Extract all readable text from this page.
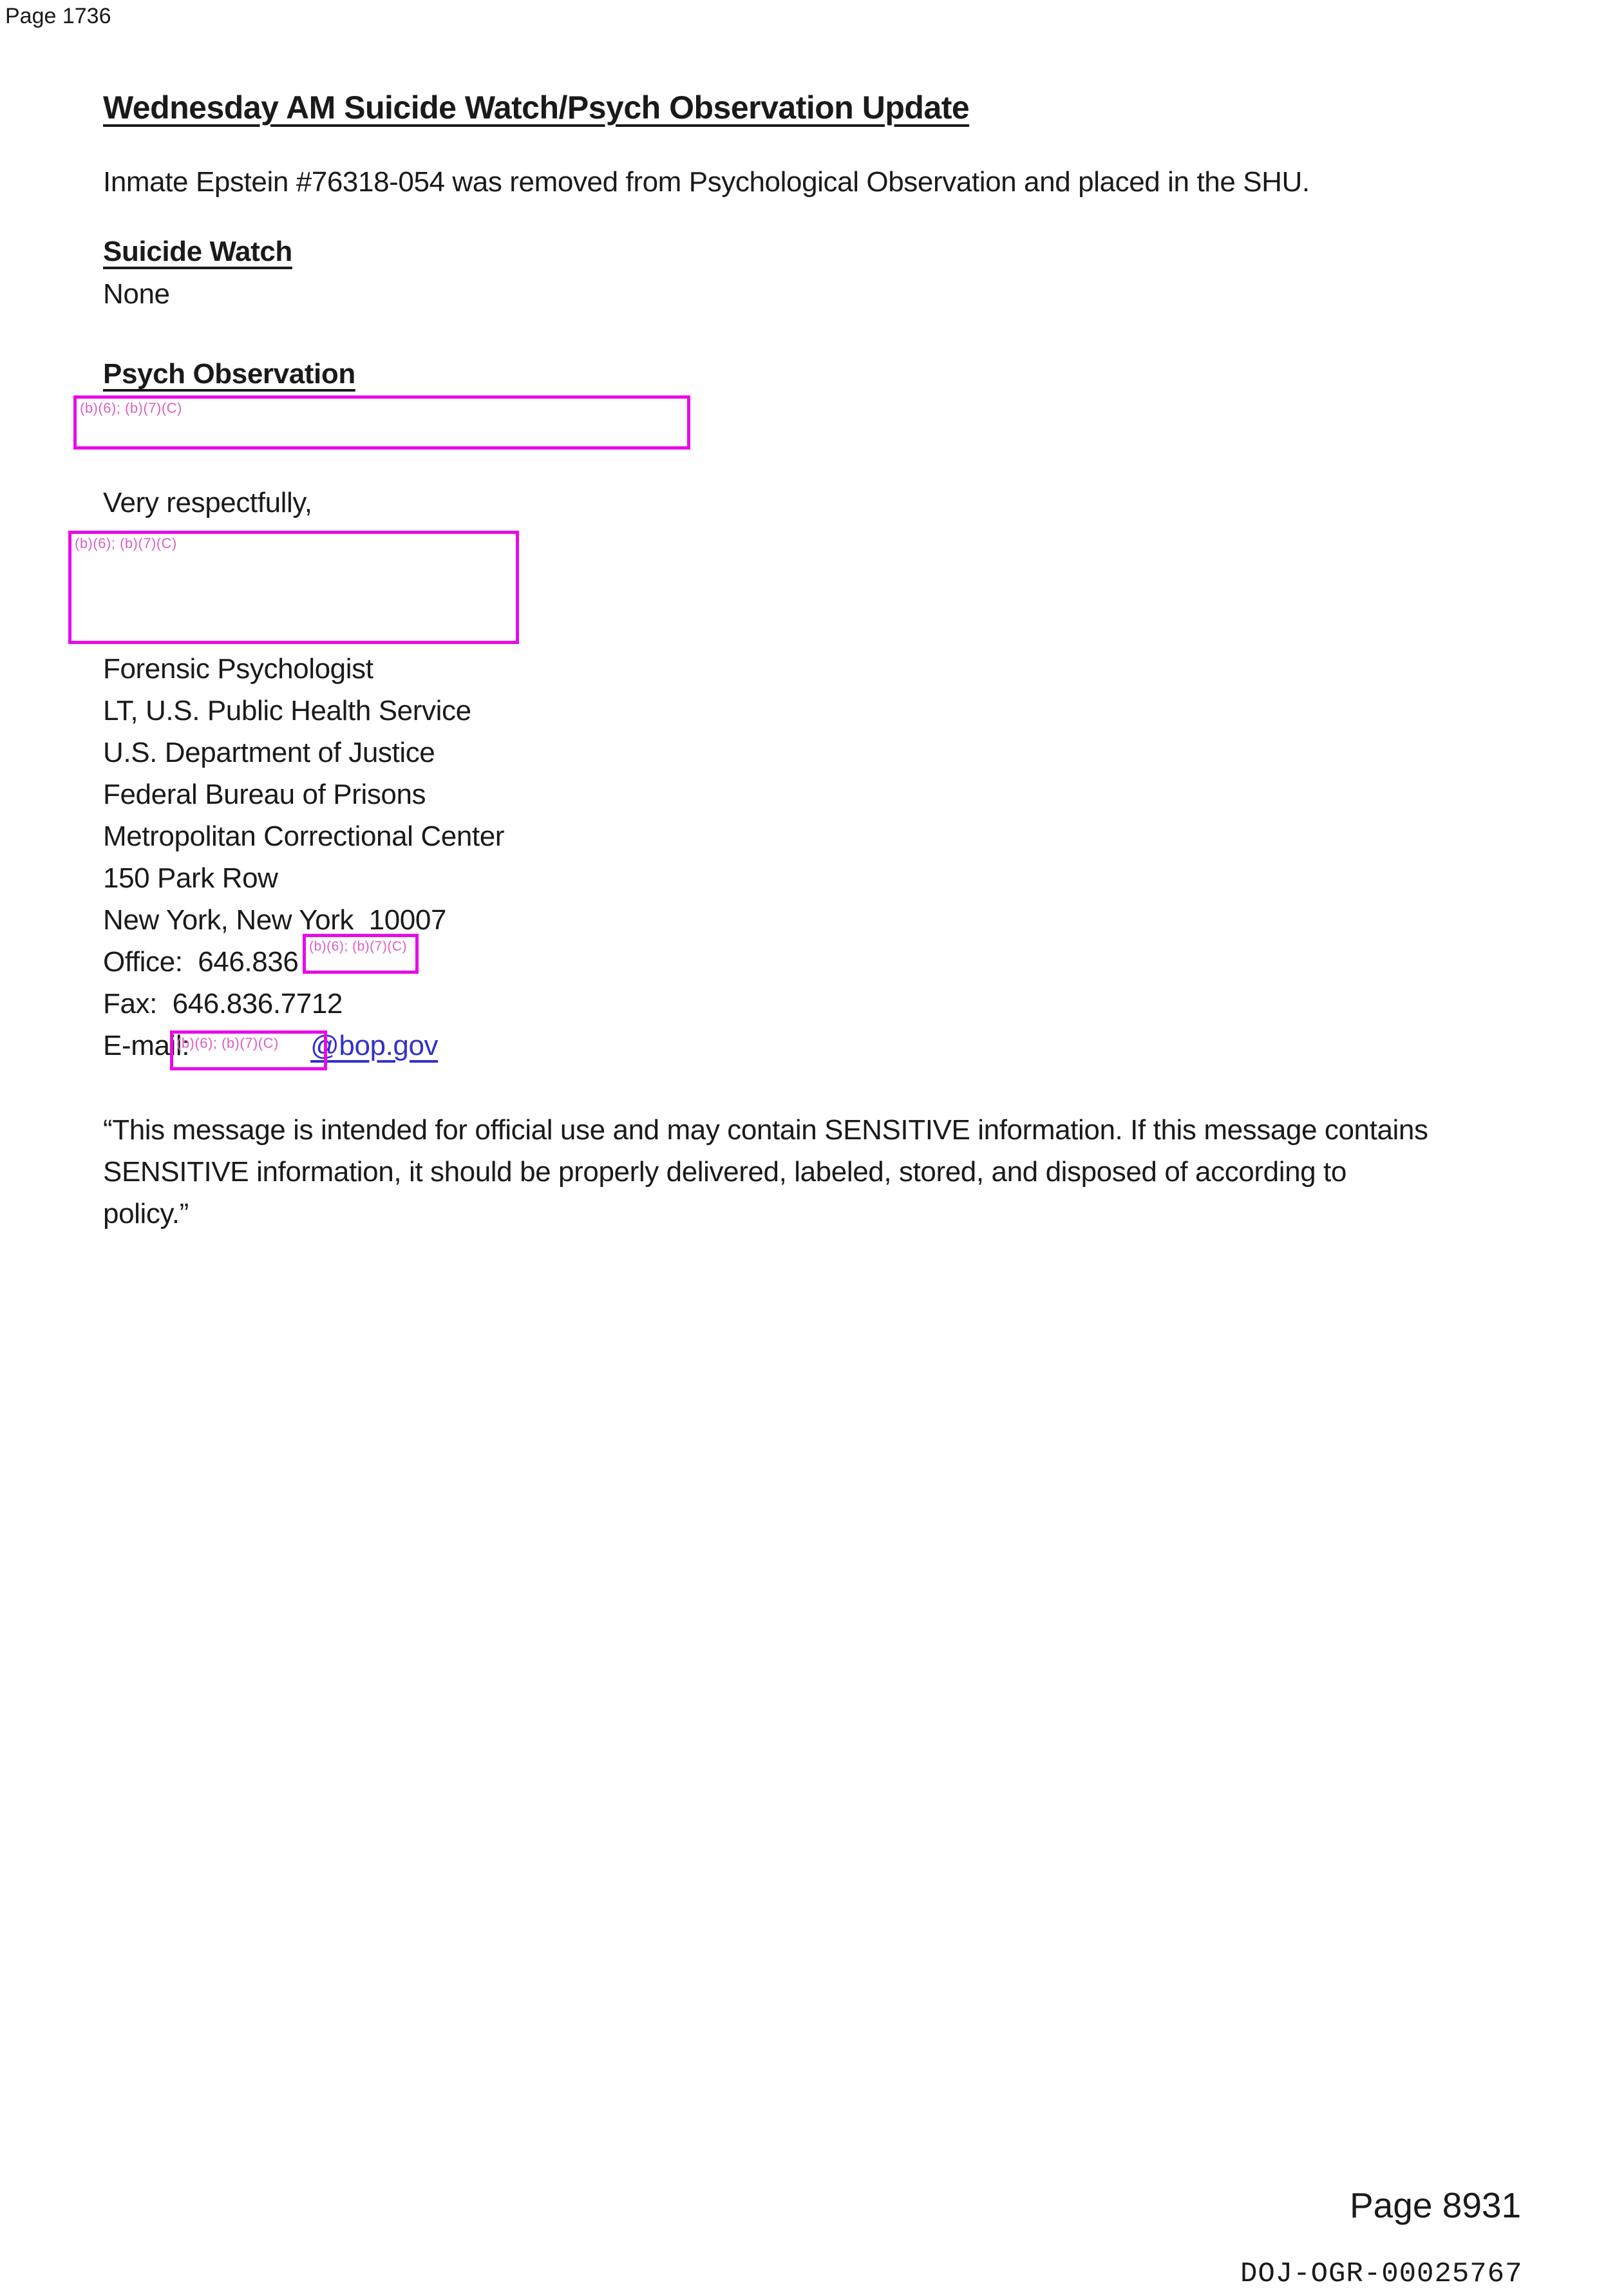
Page 1736
Wednesday AM Suicide Watch/Psych Observation Update
Inmate Epstein #76318-054 was removed from Psychological Observation and placed in the SHU.
Suicide Watch
None
Psych Observation
(b)(6); (b)(7)(C)
Very respectfully,
(b)(6); (b)(7)(C)
Forensic Psychologist
LT, U.S. Public Health Service
U.S. Department of Justice
Federal Bureau of Prisons
Metropolitan Correctional Center
150 Park Row
New York, New York  10007
Office:  646.836
Fax:  646.836.7712
E-mail:	@bop.gov
(b)(6); (b)(7)(C)
(b)(6); (b)(7)(C)
“This message is intended for official use and may contain SENSITIVE information. If this message contains
SENSITIVE information, it should be properly delivered, labeled, stored, and disposed of according to
policy.”
Page 8931
DOJ-OGR-00025767
